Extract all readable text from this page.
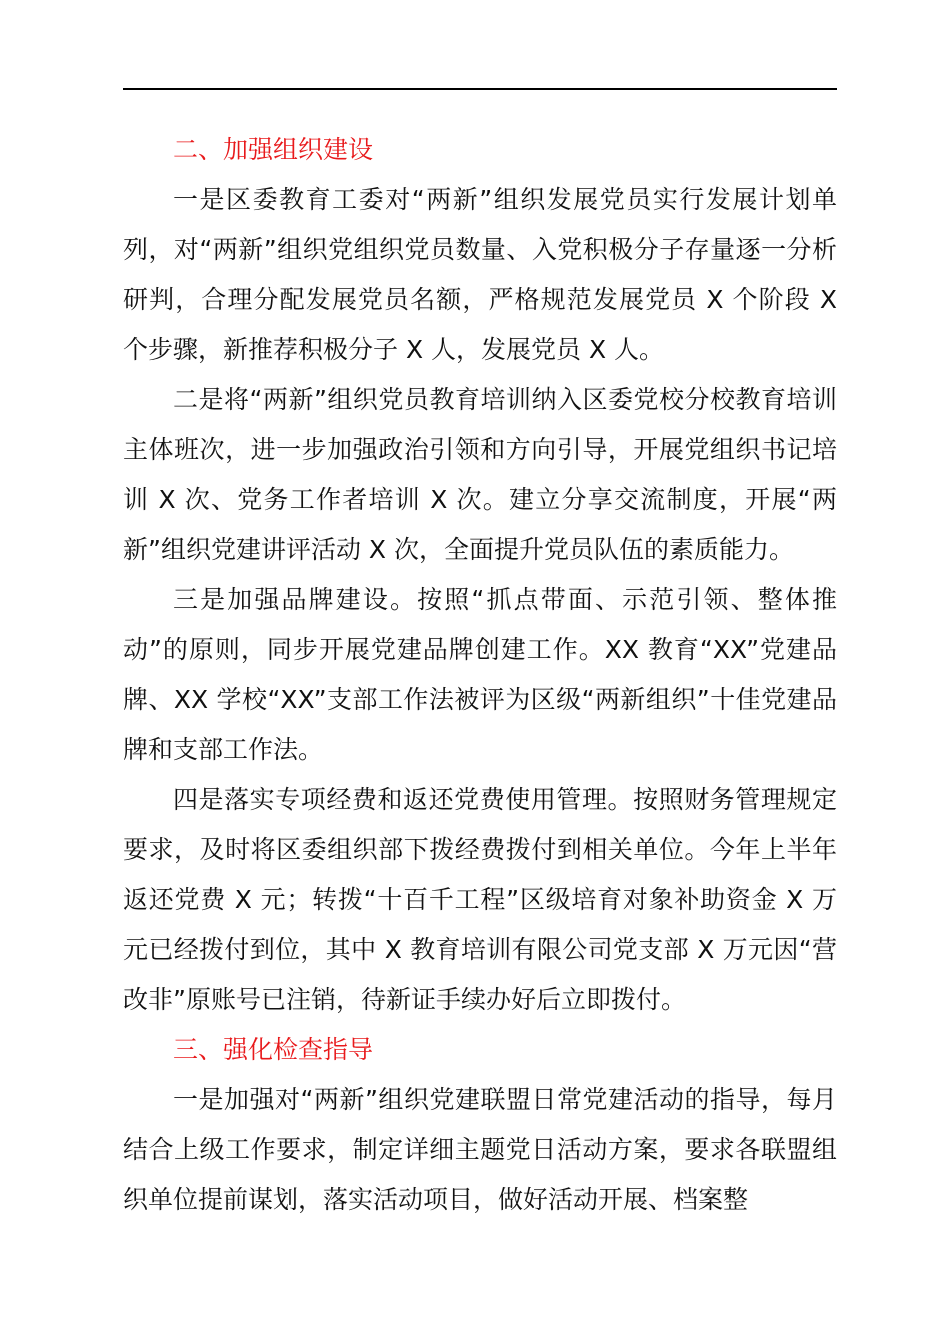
二、加强组织建设

一是区委教育工委对“两新”组织发展党员实行发展计划单列，对“两新”组织党组织党员数量、入党积极分子存量逐一分析研判，合理分配发展党员名额，严格规范发展党员 X 个阶段 X 个步骤，新推荐积极分子 X 人，发展党员 X 人。

二是将“两新”组织党员教育培训纳入区委党校分校教育培训主体班次，进一步加强政治引领和方向引导，开展党组织书记培训 X 次、党务工作者培训 X 次。建立分享交流制度，开展“两新”组织党建讲评活动 X 次，全面提升党员队伍的素质能力。

三是加强品牌建设。按照“抓点带面、示范引领、整体推动”的原则，同步开展党建品牌创建工作。XX 教育“XX”党建品牌、XX 学校“XX”支部工作法被评为区级“两新组织”十佳党建品牌和支部工作法。

四是落实专项经费和返还党费使用管理。按照财务管理规定要求，及时将区委组织部下拨经费拨付到相关单位。今年上半年返还党费 X 元；转拨“十百千工程”区级培育对象补助资金 X 万元已经拨付到位，其中 X 教育培训有限公司党支部 X 万元因“营改非”原账号已注销，待新证手续办好后立即拨付。

三、强化检查指导

一是加强对“两新”组织党建联盟日常党建活动的指导，每月结合上级工作要求，制定详细主题党日活动方案，要求各联盟组织单位提前谋划，落实活动项目，做好活动开展、档案整
